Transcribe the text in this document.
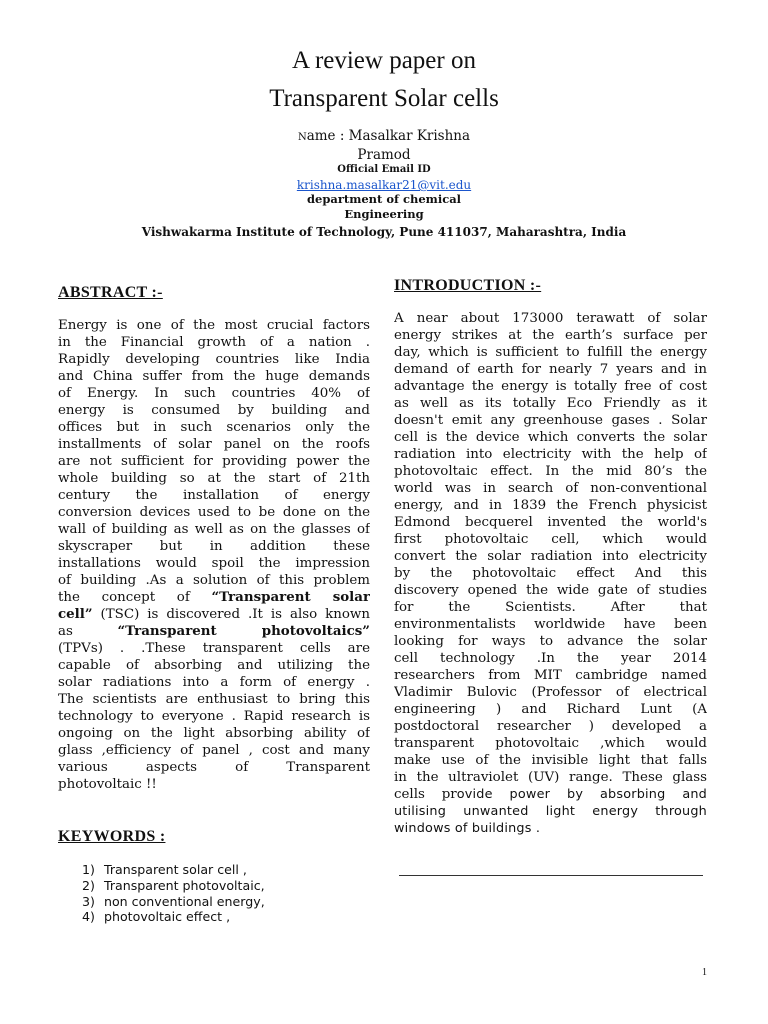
A review paper on
Transparent Solar cells
Name : Masalkar Krishna
Pramod
Official Email ID
krishna.masalkar21@vit.edu
department of chemical
Engineering
Vishwakarma Institute of Technology, Pune 411037, Maharashtra, India
ABSTRACT :-
Energy is one of the most crucial factors
in the Financial growth of a nation .
Rapidly developing countries like India
and China suffer from the huge demands
of Energy. In such countries 40% of
energy is consumed by building and
offices but in such scenarios only the
installments of solar panel on the roofs
are not sufficient for providing power the
whole building so at the start of 21th
century the installation of energy
conversion devices used to be done on the
wall of building as well as on the glasses of
skyscraper but in addition these
installations would spoil the impression
of building .As a solution of this problem
the concept of “Transparent solar
cell” (TSC) is discovered .It is also known
as “Transparent photovoltaics”
(TPVs) . .These transparent cells are
capable of absorbing and utilizing the
solar radiations into a form of energy .
The scientists are enthusiast to bring this
technology to everyone . Rapid research is
ongoing on the light absorbing ability of
glass ,efficiency of panel , cost and many
various aspects of Transparent
photovoltaic !!
INTRODUCTION :-
A near about 173000 terawatt of solar
energy strikes at the earth’s surface per
day, which is sufficient to fulfill the energy
demand of earth for nearly 7 years and in
advantage the energy is totally free of cost
as well as its totally Eco Friendly as it
doesn't emit any greenhouse gases . Solar
cell is the device which converts the solar
radiation into electricity with the help of
photovoltaic effect. In the mid 80’s the
world was in search of non-conventional
energy, and in 1839 the French physicist
Edmond becquerel invented the world's
first photovoltaic cell, which would
convert the solar radiation into electricity
by the photovoltaic effect And this
discovery opened the wide gate of studies
for the Scientists. After that
environmentalists worldwide have been
looking for ways to advance the solar
cell technology .In the year 2014
researchers from MIT cambridge named
Vladimir Bulovic (Professor of electrical
engineering ) and Richard Lunt (A
postdoctoral researcher ) developed a
transparent photovoltaic ,which would
make use of the invisible light that falls
in the ultraviolet (UV) range. These glass
cells provide power by absorbing and
utilising unwanted light energy through
windows of buildings .
KEYWORDS :
1) Transparent solar cell ,
2) Transparent photovoltaic,
3) non conventional energy,
4) photovoltaic effect ,
1
